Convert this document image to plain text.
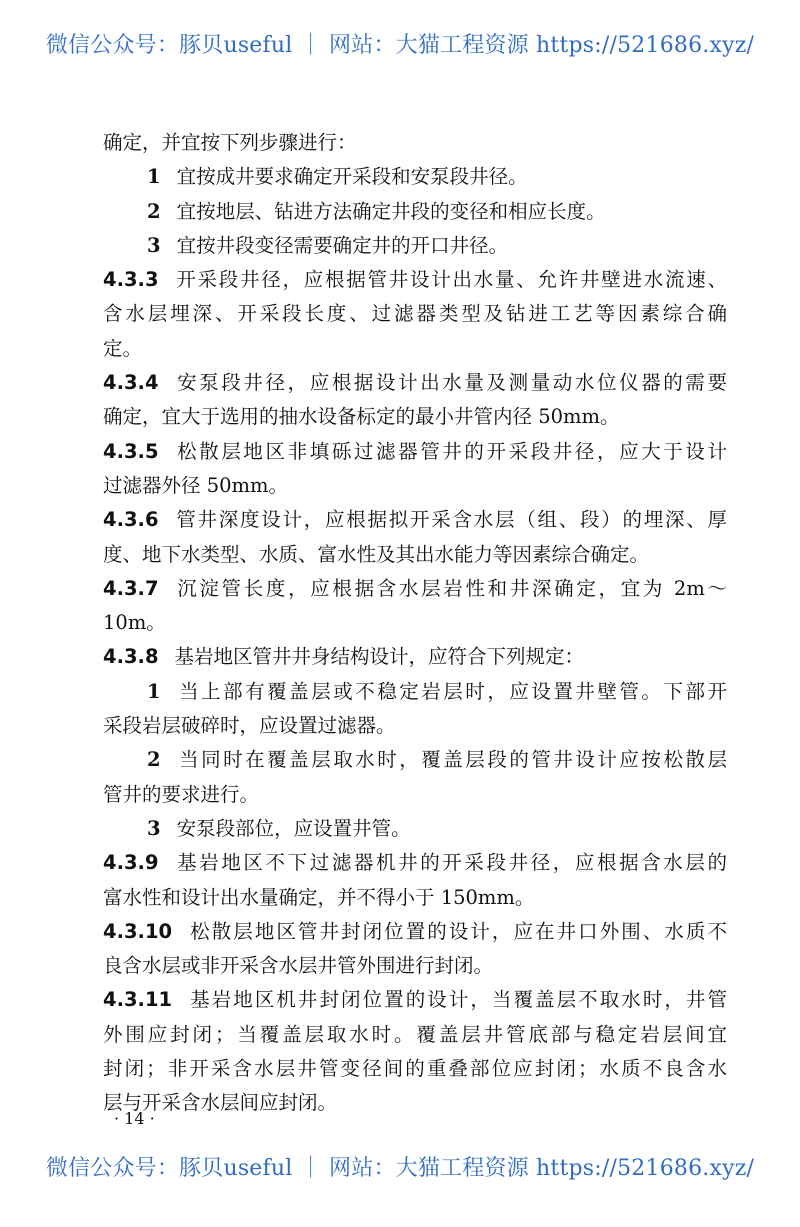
微信公众号：豚贝useful ｜ 网站：大猫工程资源 https://521686.xyz/
确定，并宜按下列步骤进行：
1 宜按成井要求确定开采段和安泵段井径。
2 宜按地层、钻进方法确定井段的变径和相应长度。
3 宜按井段变径需要确定井的开口井径。
4.3.3 开采段井径，应根据管井设计出水量、允许井壁进水流速、
含水层埋深、开采段长度、过滤器类型及钻进工艺等因素综合确
定。
4.3.4 安泵段井径，应根据设计出水量及测量动水位仪器的需要
确定，宜大于选用的抽水设备标定的最小井管内径 50mm。
4.3.5 松散层地区非填砾过滤器管井的开采段井径，应大于设计
过滤器外径 50mm。
4.3.6 管井深度设计，应根据拟开采含水层（组、段）的埋深、厚
度、地下水类型、水质、富水性及其出水能力等因素综合确定。
4.3.7 沉淀管长度，应根据含水层岩性和井深确定，宜为 2m～
10m。
4.3.8 基岩地区管井井身结构设计，应符合下列规定：
1 当上部有覆盖层或不稳定岩层时，应设置井壁管。下部开
采段岩层破碎时，应设置过滤器。
2 当同时在覆盖层取水时，覆盖层段的管井设计应按松散层
管井的要求进行。
3 安泵段部位，应设置井管。
4.3.9 基岩地区不下过滤器机井的开采段井径，应根据含水层的
富水性和设计出水量确定，并不得小于 150mm。
4.3.10 松散层地区管井封闭位置的设计，应在井口外围、水质不
良含水层或非开采含水层井管外围进行封闭。
4.3.11 基岩地区机井封闭位置的设计，当覆盖层不取水时，井管
外围应封闭；当覆盖层取水时。覆盖层井管底部与稳定岩层间宜
封闭；非开采含水层井管变径间的重叠部位应封闭；水质不良含水
层与开采含水层间应封闭。
· 14 ·
微信公众号：豚贝useful ｜ 网站：大猫工程资源 https://521686.xyz/
